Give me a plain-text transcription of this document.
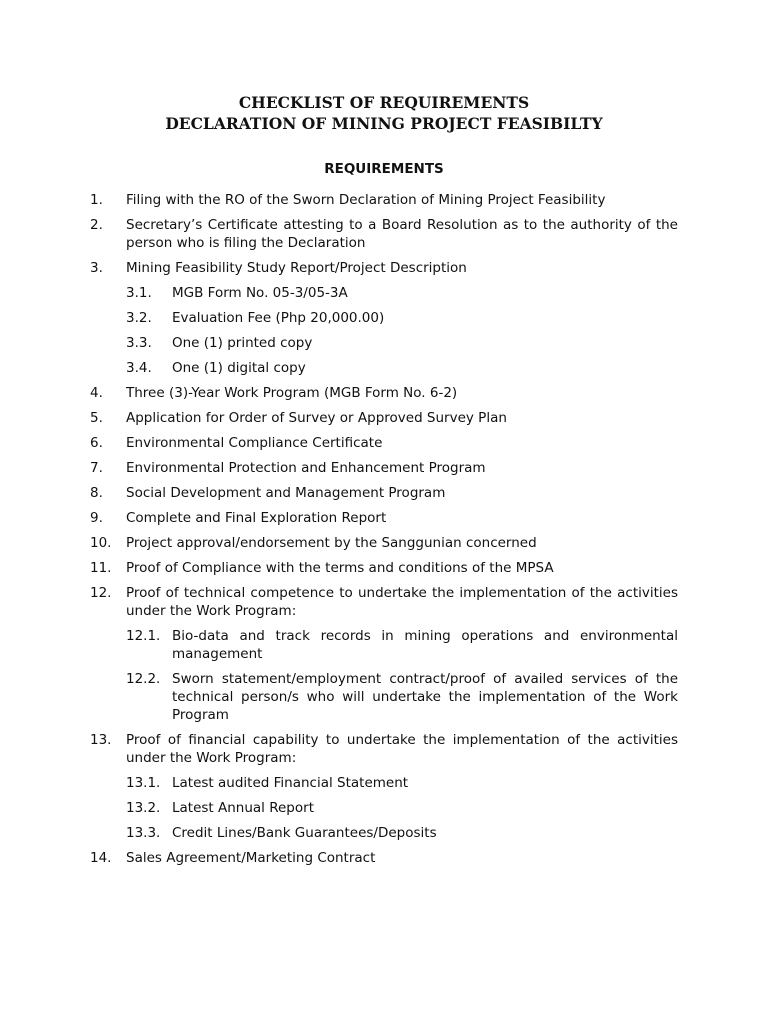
CHECKLIST OF REQUIREMENTS
DECLARATION OF MINING PROJECT FEASIBILTY
REQUIREMENTS
1.	Filing with the RO of the Sworn Declaration of Mining Project Feasibility
2.	Secretary’s Certificate attesting to a Board Resolution as to the authority of the person who is filing the Declaration
3.	Mining Feasibility Study Report/Project Description
3.1.	MGB Form No. 05-3/05-3A
3.2.	Evaluation Fee (Php 20,000.00)
3.3.	One (1) printed copy
3.4.	One (1) digital copy
4.	Three (3)-Year Work Program (MGB Form No. 6-2)
5.	Application for Order of Survey or Approved Survey Plan
6.	Environmental Compliance Certificate
7.	Environmental Protection and Enhancement Program
8.	Social Development and Management Program
9.	Complete and Final Exploration Report
10.	Project approval/endorsement by the Sanggunian concerned
11.	Proof of Compliance with the terms and conditions of the MPSA
12.	Proof of technical competence to undertake the implementation of the activities under the Work Program:
12.1. Bio-data and track records in mining operations and environmental management
12.2. Sworn statement/employment contract/proof of availed services of the technical person/s who will undertake the implementation of the Work Program
13.	Proof of financial capability to undertake the implementation of the activities under the Work Program:
13.1. Latest audited Financial Statement
13.2. Latest Annual Report
13.3. Credit Lines/Bank Guarantees/Deposits
14.	Sales Agreement/Marketing Contract
